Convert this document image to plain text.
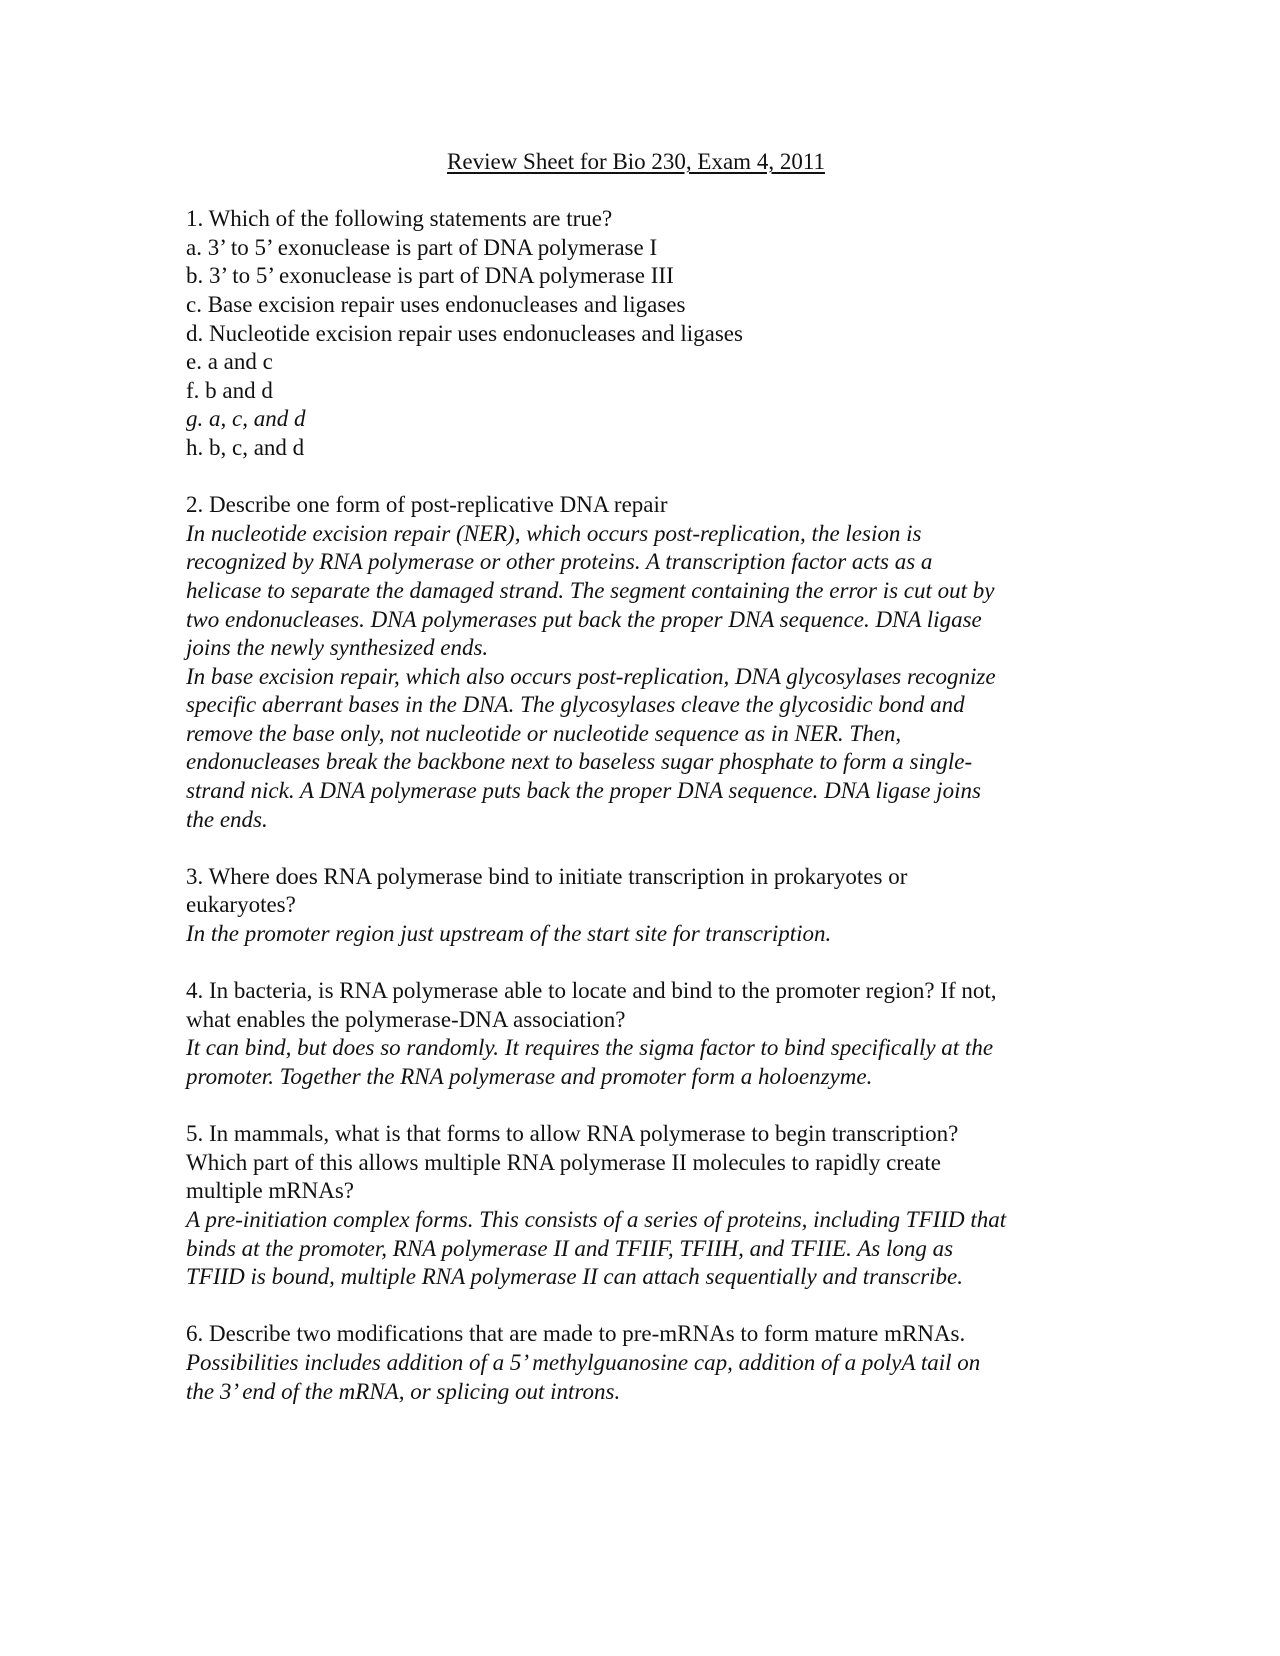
Review Sheet for Bio 230, Exam 4, 2011
1. Which of the following statements are true?
a. 3’ to 5’ exonuclease is part of DNA polymerase I
b. 3’ to 5’ exonuclease is part of DNA polymerase III
c. Base excision repair uses endonucleases and ligases
d. Nucleotide excision repair uses endonucleases and ligases
e. a and c
f. b and d
g. a, c, and d
h. b, c, and d
2. Describe one form of post-replicative DNA repair
In nucleotide excision repair (NER), which occurs post-replication, the lesion is
recognized by RNA polymerase or other proteins. A transcription factor acts as a
helicase to separate the damaged strand. The segment containing the error is cut out by
two endonucleases. DNA polymerases put back the proper DNA sequence. DNA ligase
joins the newly synthesized ends.
In base excision repair, which also occurs post-replication, DNA glycosylases recognize
specific aberrant bases in the DNA. The glycosylases cleave the glycosidic bond and
remove the base only, not nucleotide or nucleotide sequence as in NER. Then,
endonucleases break the backbone next to baseless sugar phosphate to form a single-
strand nick. A DNA polymerase puts back the proper DNA sequence. DNA ligase joins
the ends.
3. Where does RNA polymerase bind to initiate transcription in prokaryotes or
eukaryotes?
In the promoter region just upstream of the start site for transcription.
4. In bacteria, is RNA polymerase able to locate and bind to the promoter region? If not,
what enables the polymerase-DNA association?
It can bind, but does so randomly. It requires the sigma factor to bind specifically at the
promoter. Together the RNA polymerase and promoter form a holoenzyme.
5. In mammals, what is that forms to allow RNA polymerase to begin transcription?
Which part of this allows multiple RNA polymerase II molecules to rapidly create
multiple mRNAs?
A pre-initiation complex forms. This consists of a series of proteins, including TFIID that
binds at the promoter, RNA polymerase II and TFIIF, TFIIH, and TFIIE. As long as
TFIID is bound, multiple RNA polymerase II can attach sequentially and transcribe.
6. Describe two modifications that are made to pre-mRNAs to form mature mRNAs.
Possibilities includes addition of a 5’ methylguanosine cap, addition of a polyA tail on
the 3’ end of the mRNA, or splicing out introns.
